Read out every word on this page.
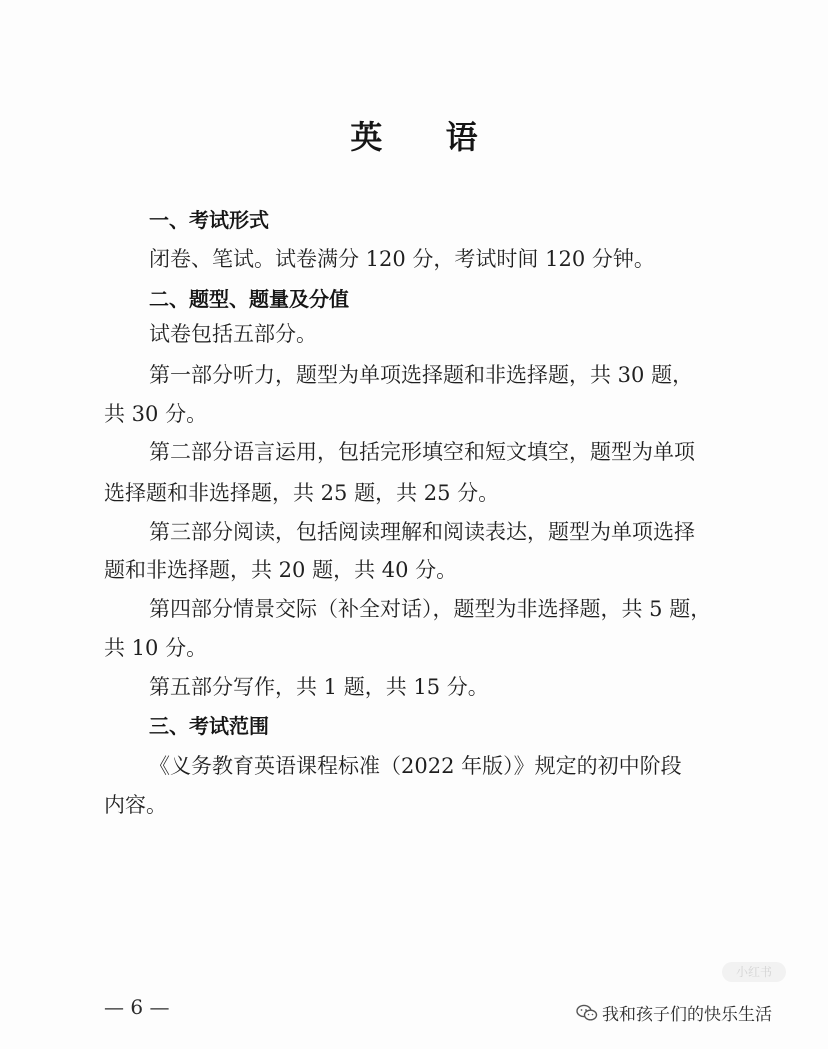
英 语
一、考试形式
闭卷、笔试。试卷满分 120 分，考试时间 120 分钟。
二、题型、题量及分值
试卷包括五部分。
第一部分听力，题型为单项选择题和非选择题，共 30 题，
共 30 分。
第二部分语言运用，包括完形填空和短文填空，题型为单项
选择题和非选择题，共 25 题，共 25 分。
第三部分阅读，包括阅读理解和阅读表达，题型为单项选择
题和非选择题，共 20 题，共 40 分。
第四部分情景交际（补全对话），题型为非选择题，共 5 题，
共 10 分。
第五部分写作，共 1 题，共 15 分。
三、考试范围
《义务教育英语课程标准（2022 年版）》规定的初中阶段
内容。
小红书
— 6 —	我和孩子们的快乐生活
